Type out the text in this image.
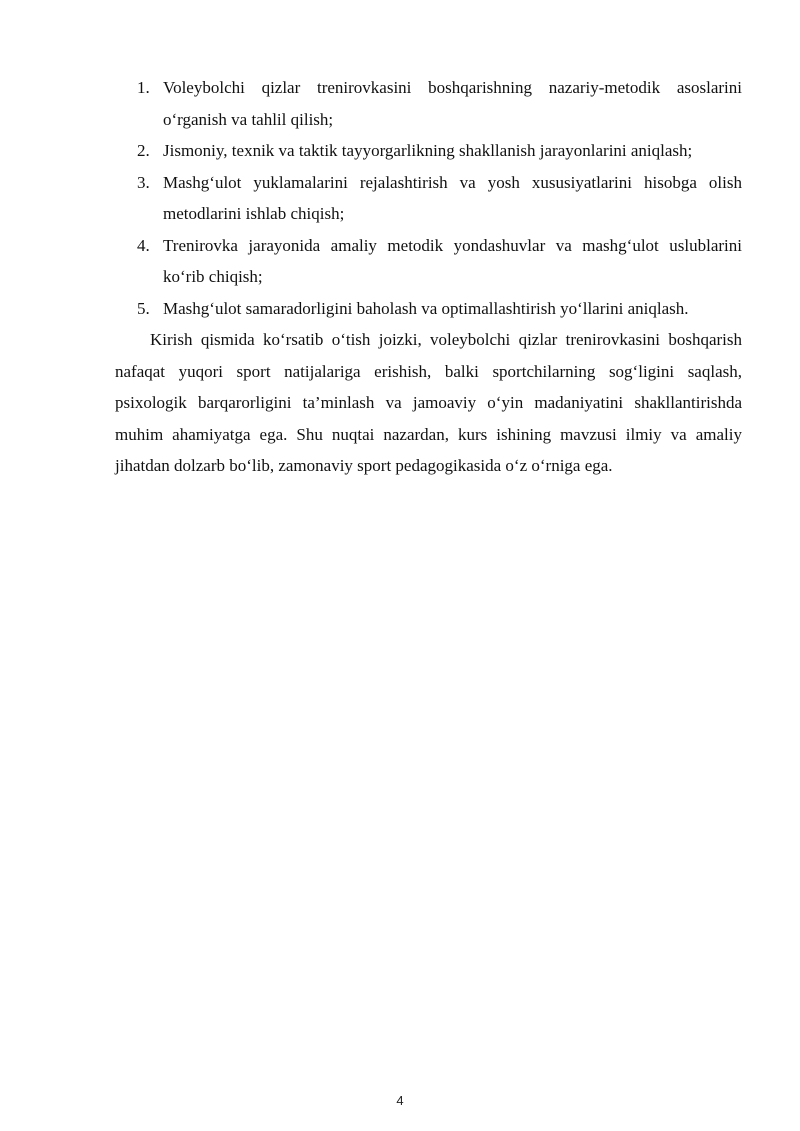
1. Voleybolchi qizlar trenirovkasini boshqarishning nazariy-metodik asoslarini o‘rganish va tahlil qilish;
2. Jismoniy, texnik va taktik tayyorgarlikning shakllanish jarayonlarini aniqlash;
3. Mashg‘ulot yuklamalarini rejalashtirish va yosh xususiyatlarini hisobga olish metodlarini ishlab chiqish;
4. Trenirovka jarayonida amaliy metodik yondashuvlar va mashg‘ulot uslublarini ko‘rib chiqish;
5. Mashg‘ulot samaradorligini baholash va optimallashtirish yo‘llarini aniqlash.

Kirish qismida ko‘rsatib o‘tish joizki, voleybolchi qizlar trenirovkasini boshqarish nafaqat yuqori sport natijalariga erishish, balki sportchilarning sog‘ligini saqlash, psixologik barqarorligini ta’minlash va jamoaviy o‘yin madaniyatini shakllantirishda muhim ahamiyatga ega. Shu nuqtai nazardan, kurs ishining mavzusi ilmiy va amaliy jihatdan dolzarb bo‘lib, zamonaviy sport pedagogikasida o‘z o‘rniga ega.

4
